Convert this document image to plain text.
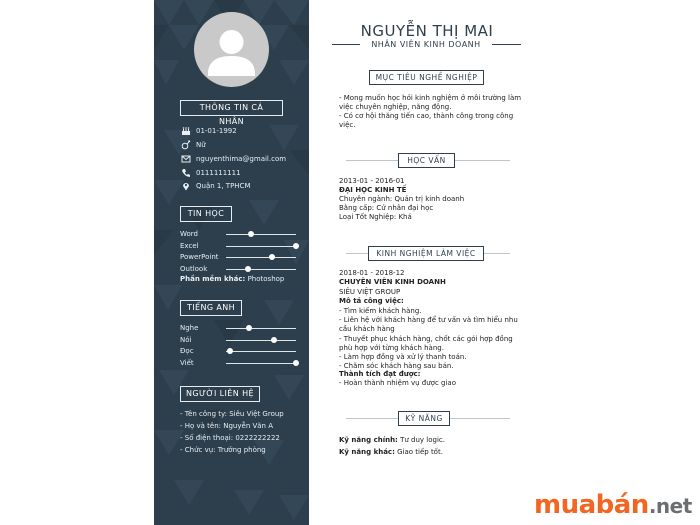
THÔNG TIN CÁ NHÂN
01-01-1992
Nữ
nguyenthima@gmail.com
0111111111
Quận 1, TPHCM
TIN HỌC
Word
Excel
PowerPoint
Outlook
Phần mềm khác: Photoshop
TIẾNG ANH
Nghe
Nói
Đọc
Viết
NGƯỜI LIÊN HỆ
- Tên công ty: Siêu Việt Group
- Họ và tên: Nguyễn Văn A
- Số điện thoại: 0222222222
- Chức vụ: Trưởng phòng
NGUYỄN THỊ MAI
NHÂN VIÊN KINH DOANH
MỤC TIÊU NGHỀ NGHIỆP
- Mong muốn học hỏi kinh nghiệm ở môi trường làm
việc chuyên nghiệp, năng động.
- Có cơ hội thăng tiến cao, thành công trong công
việc.
HỌC VẤN
2013-01 - 2016-01
ĐẠI HỌC KINH TẾ
Chuyên ngành: Quản trị kinh doanh
Bằng cấp: Cử nhân đại học
Loại Tốt Nghiệp: Khá
KINH NGHIỆM LÀM VIỆC
2018-01 - 2018-12
CHUYÊN VIÊN KINH DOANH
SIÊU VIỆT GROUP
Mô tả công việc:
- Tìm kiếm khách hàng.
- Liên hệ với khách hàng để tư vấn và tìm hiểu nhu
cầu khách hàng
- Thuyết phục khách hàng, chốt các gói hợp đồng
phù hợp với từng khách hàng.
- Làm hợp đồng và xử lý thanh toán.
- Chăm sóc khách hàng sau bán.
Thành tích đạt được:
- Hoàn thành nhiệm vụ được giao
KỸ NĂNG
Kỹ năng chính: Tư duy logic.
Kỹ năng khác: Giao tiếp tốt.
muabán.net
